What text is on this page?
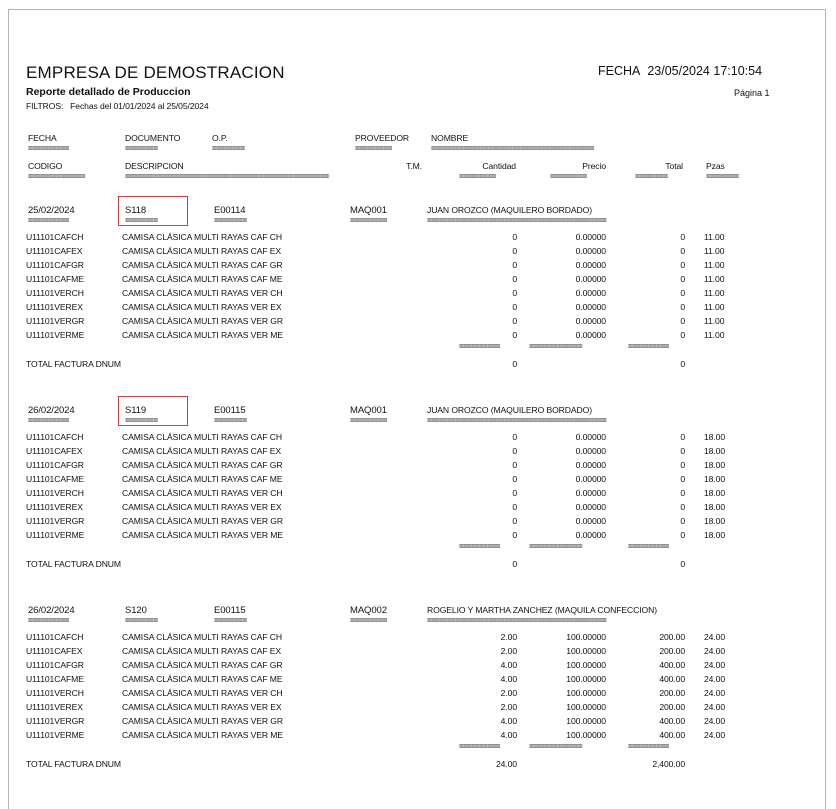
EMPRESA DE DEMOSTRACION
Reporte detallado de Produccion
FILTROS: Fechas del 01/01/2024 al 25/05/2024
FECHA 23/05/2024 17:10:54
Página 1
FECHA	DOCUMENTO	O.P.	PROVEEDOR	NOMBRE
==========	========	========	=========	========================================
CODIGO	DESCRIPCION	T.M.	Cantidad	Precio	Total	Pzas
==============	==================================================	=========	=========	========	========
25/02/2024	S118	E00114	MAQ001	JUAN OROZCO (MAQUILERO BORDADO)
==========	========	========	=========	============================================
U11101CAFCH	CAMISA CLÁSICA MULTI RAYAS CAF CH	0	0.00000	0 11.00
U11101CAFEX	CAMISA CLÁSICA MULTI RAYAS CAF EX	0	0.00000	0 11.00
U11101CAFGR	CAMISA CLÁSICA MULTI RAYAS CAF GR	0	0.00000	0 11.00
U11101CAFME	CAMISA CLÁSICA MULTI RAYAS CAF ME	0	0.00000	0 11.00
U11101VERCH	CAMISA CLÁSICA MULTI RAYAS VER CH	0	0.00000	0 11.00
U11101VEREX	CAMISA CLÁSICA MULTI RAYAS VER EX	0	0.00000	0 11.00
U11101VERGR	CAMISA CLÁSICA MULTI RAYAS VER GR	0	0.00000	0 11.00
U11101VERME	CAMISA CLÁSICA MULTI RAYAS VER ME	0	0.00000	0 11.00
==========	=============	==========
TOTAL FACTURA DNUM	0	0
26/02/2024	S119	E00115	MAQ001	JUAN OROZCO (MAQUILERO BORDADO)
==========	========	========	=========	============================================
U11101CAFCH	CAMISA CLÁSICA MULTI RAYAS CAF CH	0	0.00000	0 18.00
U11101CAFEX	CAMISA CLÁSICA MULTI RAYAS CAF EX	0	0.00000	0 18.00
U11101CAFGR	CAMISA CLÁSICA MULTI RAYAS CAF GR	0	0.00000	0 18.00
U11101CAFME	CAMISA CLÁSICA MULTI RAYAS CAF ME	0	0.00000	0 18.00
U11101VERCH	CAMISA CLÁSICA MULTI RAYAS VER CH	0	0.00000	0 18.00
U11101VEREX	CAMISA CLÁSICA MULTI RAYAS VER EX	0	0.00000	0 18.00
U11101VERGR	CAMISA CLÁSICA MULTI RAYAS VER GR	0	0.00000	0 18.00
U11101VERME	CAMISA CLÁSICA MULTI RAYAS VER ME	0	0.00000	0 18.00
==========	=============	==========
TOTAL FACTURA DNUM	0	0
26/02/2024	S120	E00115	MAQ002	ROGELIO Y MARTHA ZANCHEZ (MAQUILA CONFECCION)
==========	========	========	=========	============================================
U11101CAFCH	CAMISA CLÁSICA MULTI RAYAS CAF CH	2.00	100.00000	200.00 24.00
U11101CAFEX	CAMISA CLÁSICA MULTI RAYAS CAF EX	2.00	100.00000	200.00 24.00
U11101CAFGR	CAMISA CLÁSICA MULTI RAYAS CAF GR	4.00	100.00000	400.00 24.00
U11101CAFME	CAMISA CLÁSICA MULTI RAYAS CAF ME	4.00	100.00000	400.00 24.00
U11101VERCH	CAMISA CLÁSICA MULTI RAYAS VER CH	2.00	100.00000	200.00 24.00
U11101VEREX	CAMISA CLÁSICA MULTI RAYAS VER EX	2.00	100.00000	200.00 24.00
U11101VERGR	CAMISA CLÁSICA MULTI RAYAS VER GR	4.00	100.00000	400.00 24.00
U11101VERME	CAMISA CLÁSICA MULTI RAYAS VER ME	4.00	100.00000	400.00 24.00
==========	=============	==========
TOTAL FACTURA DNUM	24.00	2,400.00
